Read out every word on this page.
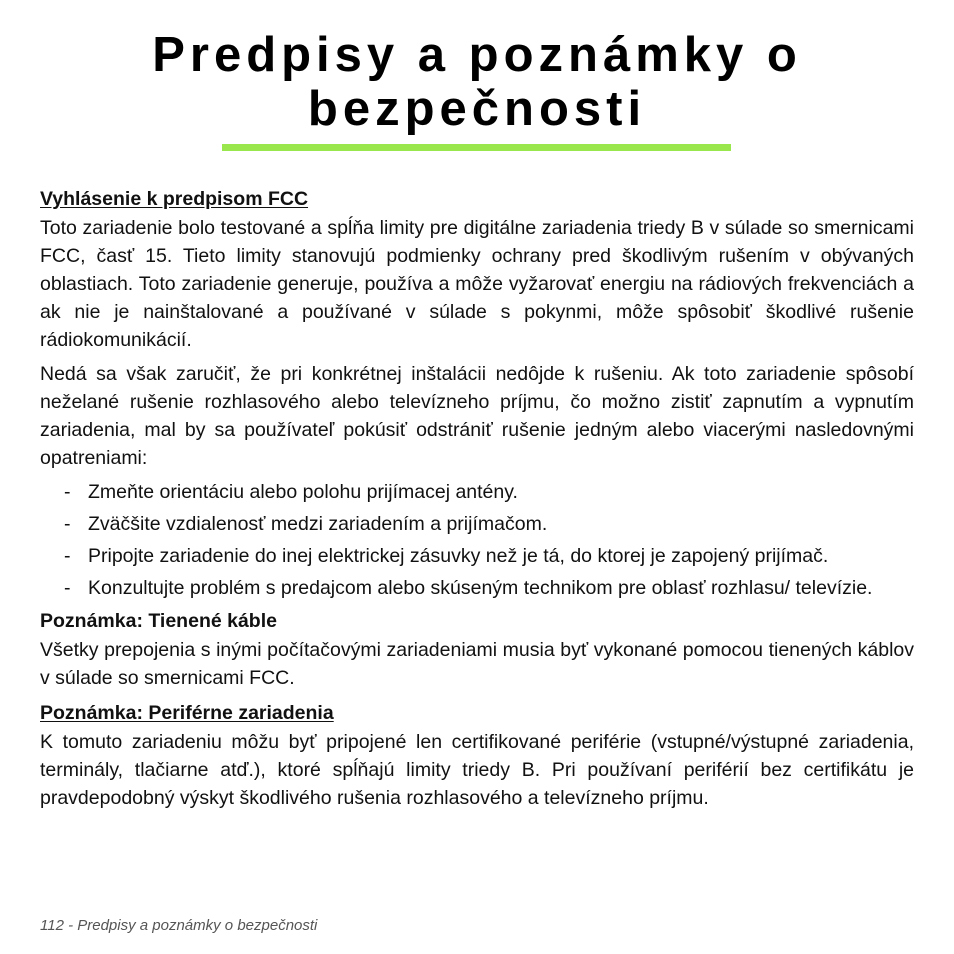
Predpisy a poznámky o
bezpečnosti

Vyhlásenie k predpisom FCC

Toto zariadenie bolo testované a spĺňa limity pre digitálne zariadenia triedy B v súlade so smernicami FCC, časť 15. Tieto limity stanovujú podmienky ochrany pred škodlivým rušením v obývaných oblastiach. Toto zariadenie generuje, používa a môže vyžarovať energiu na rádiových frekvenciách a ak nie je nainštalované a používané v súlade s pokynmi, môže spôsobiť škodlivé rušenie rádiokomunikácií.

Nedá sa však zaručiť, že pri konkrétnej inštalácii nedôjde k rušeniu. Ak toto zariadenie spôsobí neželané rušenie rozhlasového alebo televízneho príjmu, čo možno zistiť zapnutím a vypnutím zariadenia, mal by sa používateľ pokúsiť odstrániť rušenie jedným alebo viacerými nasledovnými opatreniami:

- Zmeňte orientáciu alebo polohu prijímacej antény.
- Zväčšite vzdialenosť medzi zariadením a prijímačom.
- Pripojte zariadenie do inej elektrickej zásuvky než je tá, do ktorej je zapojený prijímač.
- Konzultujte problém s predajcom alebo skúseným technikom pre oblasť rozhlasu/ televízie.

Poznámka: Tienené káble

Všetky prepojenia s inými počítačovými zariadeniami musia byť vykonané pomocou tienených káblov v súlade so smernicami FCC.

Poznámka: Periférne zariadenia

K tomuto zariadeniu môžu byť pripojené len certifikované periférie (vstupné/výstupné zariadenia, terminály, tlačiarne atď.), ktoré spĺňajú limity triedy B. Pri používaní periférií bez certifikátu je pravdepodobný výskyt škodlivého rušenia rozhlasového a televízneho príjmu.

112 - Predpisy a poznámky o bezpečnosti
